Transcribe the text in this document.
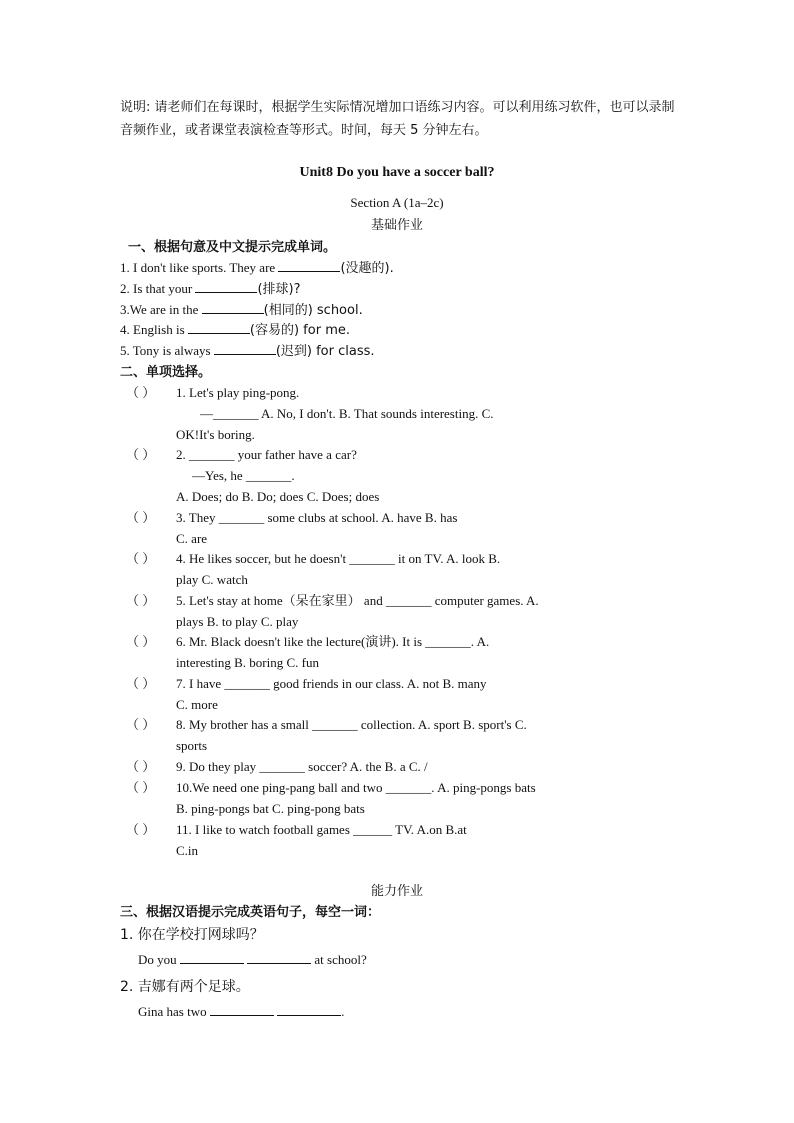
说明: 请老师们在每课时，根据学生实际情况增加口语练习内容。可以利用练习软件，也可以录制音频作业，或者课堂表演检查等形式。时间，每天 5 分钟左右。
Unit8 Do you have a soccer ball?
Section A (1a–2c)
基础作业
一、根据句意及中文提示完成单词。
1. I don't like sports. They are	(没趣的).
2. Is that your	(排球)?
3.We are in the	(相同的) school.
4. English is	(容易的) for me.
5. Tony is always	(迟到) for class.
二、单项选择。
（ ）	1. Let's play ping-pong.
—_______ A. No, I don't. B. That sounds interesting. C.
OK!It's boring.
（ ）	2. _______ your father have a car?
—Yes, he _______.
A. Does; do B. Do; does C. Does; does
（ ）	3. They _______ some clubs at school. A. have B. has
C. are
（ ）	4. He likes soccer, but he doesn't _______ it on TV. A. look B.
play C. watch
（ ）	5. Let's stay at home（呆在家里） and _______ computer games. A.
plays B. to play C. play
（ ）	6. Mr. Black doesn't like the lecture(演讲). It is _______. A.
interesting B. boring C. fun
（ ）	7. I have _______ good friends in our class. A. not B. many
C. more
（ ）	8. My brother has a small _______ collection. A. sport B. sport's C.
sports
（ ）	9. Do they play _______ soccer? A. the B. a C. /
（ ）	10.We need one ping-pang ball and two _______. A. ping-pongs bats
B. ping-pongs bat C. ping-pong bats
（ ）	11. I like to watch football games ______ TV. A.on B.at
C.in
能力作业
三、根据汉语提示完成英语句子，每空一词：
1. 你在学校打网球吗？
Do you	at school?
2. 吉娜有两个足球。
Gina has two	.
